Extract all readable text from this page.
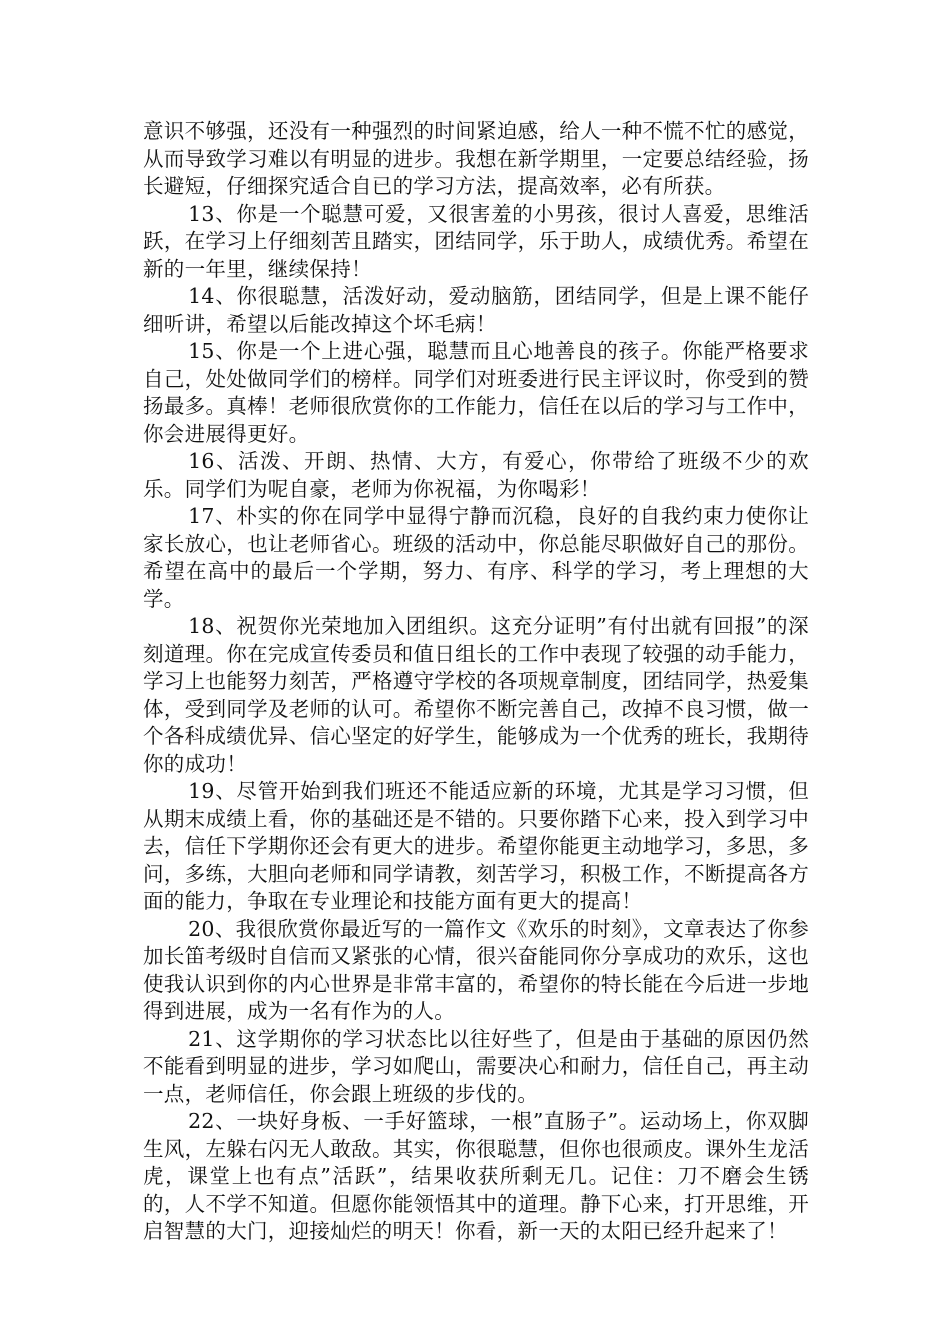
意识不够强，还没有一种强烈的时间紧迫感，给人一种不慌不忙的感觉，从而导致学习难以有明显的进步。我想在新学期里，一定要总结经验，扬长避短，仔细探究适合自已的学习方法，提高效率，必有所获。

13、你是一个聪慧可爱，又很害羞的小男孩，很讨人喜爱，思维活跃，在学习上仔细刻苦且踏实，团结同学，乐于助人，成绩优秀。希望在新的一年里，继续保持！

14、你很聪慧，活泼好动，爱动脑筋，团结同学，但是上课不能仔细听讲，希望以后能改掉这个坏毛病！

15、你是一个上进心强，聪慧而且心地善良的孩子。你能严格要求自己，处处做同学们的榜样。同学们对班委进行民主评议时，你受到的赞扬最多。真棒！老师很欣赏你的工作能力，信任在以后的学习与工作中，你会进展得更好。

16、活泼、开朗、热情、大方，有爱心，你带给了班级不少的欢乐。同学们为呢自豪，老师为你祝福，为你喝彩！

17、朴实的你在同学中显得宁静而沉稳，良好的自我约束力使你让家长放心，也让老师省心。班级的活动中，你总能尽职做好自己的那份。希望在高中的最后一个学期，努力、有序、科学的学习，考上理想的大学。

18、祝贺你光荣地加入团组织。这充分证明”有付出就有回报”的深刻道理。你在完成宣传委员和值日组长的工作中表现了较强的动手能力，学习上也能努力刻苦，严格遵守学校的各项规章制度，团结同学，热爱集体，受到同学及老师的认可。希望你不断完善自己，改掉不良习惯，做一个各科成绩优异、信心坚定的好学生，能够成为一个优秀的班长，我期待你的成功！

19、尽管开始到我们班还不能适应新的环境，尤其是学习习惯，但从期末成绩上看，你的基础还是不错的。只要你踏下心来，投入到学习中去，信任下学期你还会有更大的进步。希望你能更主动地学习，多思，多问，多练，大胆向老师和同学请教，刻苦学习，积极工作，不断提高各方面的能力，争取在专业理论和技能方面有更大的提高！

20、我很欣赏你最近写的一篇作文《欢乐的时刻》，文章表达了你参加长笛考级时自信而又紧张的心情，很兴奋能同你分享成功的欢乐，这也使我认识到你的内心世界是非常丰富的，希望你的特长能在今后进一步地得到进展，成为一名有作为的人。

21、这学期你的学习状态比以往好些了，但是由于基础的原因仍然不能看到明显的进步，学习如爬山，需要决心和耐力，信任自己，再主动一点，老师信任，你会跟上班级的步伐的。

22、一块好身板、一手好篮球，一根”直肠子”。运动场上，你双脚生风，左躲右闪无人敢敌。其实，你很聪慧，但你也很顽皮。课外生龙活虎，课堂上也有点”活跃”，结果收获所剩无几。记住：刀不磨会生锈的，人不学不知道。但愿你能领悟其中的道理。静下心来，打开思维，开启智慧的大门，迎接灿烂的明天！你看，新一天的太阳已经升起来了！
